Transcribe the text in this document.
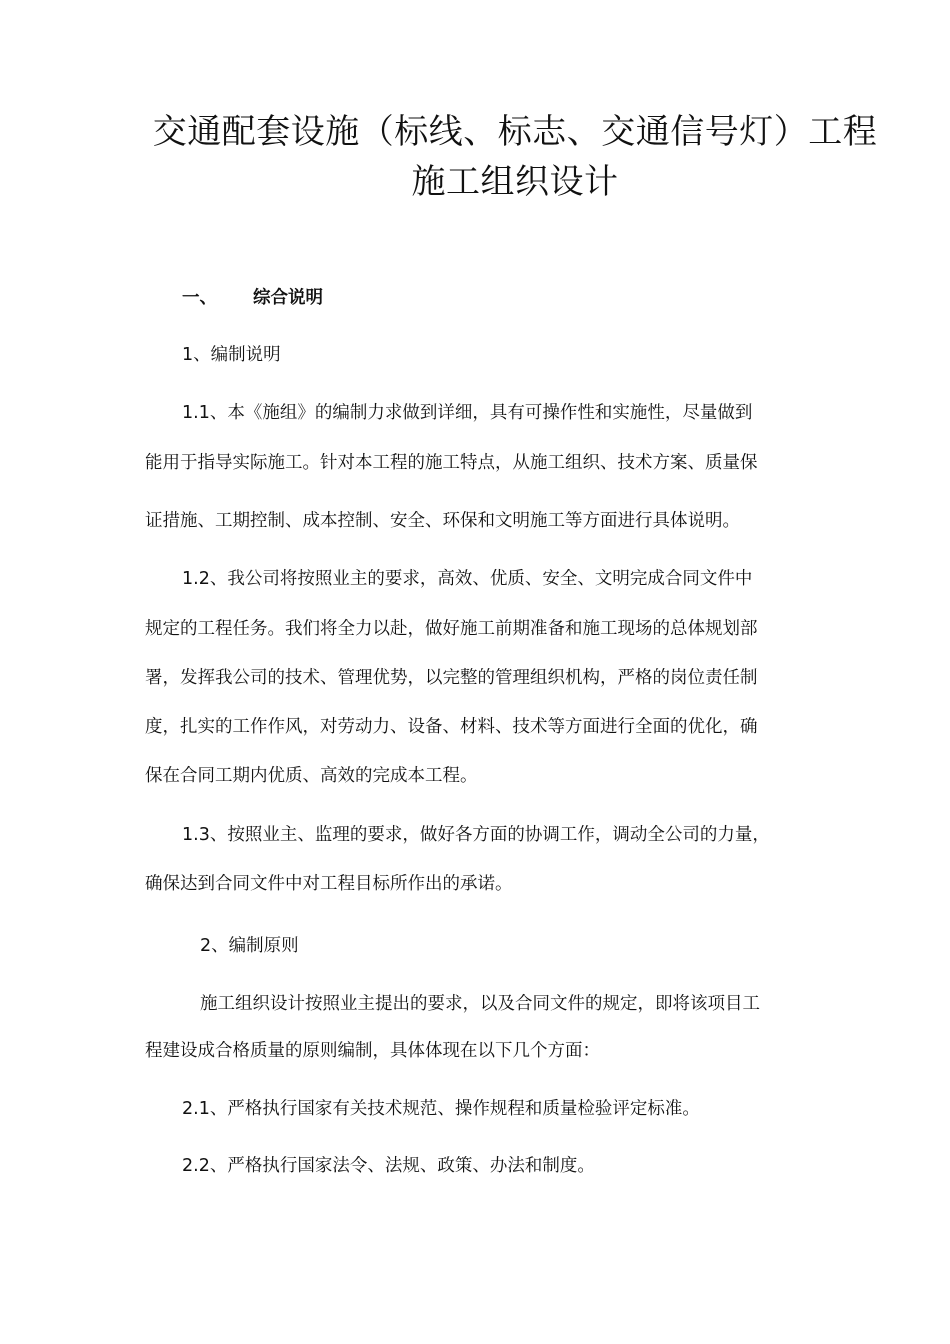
交通配套设施（标线、标志、交通信号灯）工程
施工组织设计
一、 综合说明
1、编制说明
1.1、本《施组》的编制力求做到详细，具有可操作性和实施性，尽量做到
能用于指导实际施工。针对本工程的施工特点，从施工组织、技术方案、质量保
证措施、工期控制、成本控制、安全、环保和文明施工等方面进行具体说明。
1.2、我公司将按照业主的要求，高效、优质、安全、文明完成合同文件中
规定的工程任务。我们将全力以赴，做好施工前期准备和施工现场的总体规划部
署，发挥我公司的技术、管理优势，以完整的管理组织机构，严格的岗位责任制
度，扎实的工作作风，对劳动力、设备、材料、技术等方面进行全面的优化，确
保在合同工期内优质、高效的完成本工程。
1.3、按照业主、监理的要求，做好各方面的协调工作，调动全公司的力量，
确保达到合同文件中对工程目标所作出的承诺。
2、编制原则
施工组织设计按照业主提出的要求，以及合同文件的规定，即将该项目工
程建设成合格质量的原则编制，具体体现在以下几个方面：
2.1、严格执行国家有关技术规范、操作规程和质量检验评定标准。
2.2、严格执行国家法令、法规、政策、办法和制度。
